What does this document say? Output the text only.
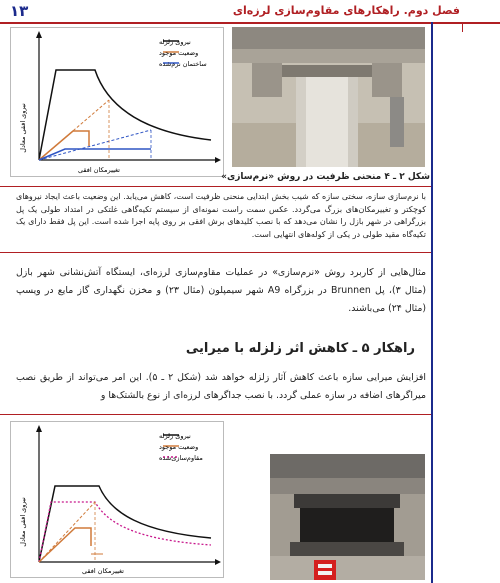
۱۳	فصل دوم. راهکارهای مقاوم‌سازی لرزه‌ای
نیروی زلزله
وضعیت موجود
ساختمان نرم‌شده
نیروی افقی معادل
تغییرمکان افقی
شکل ۲ ـ ۴ منحنی ظرفیت در روش «نرم‌سازی»
با نرم‌سازی سازه، سختی سازه که شیب بخش ابتدایی منحنی ظرفیت است، کاهش می‌یابد. این وضعیت باعث ایجاد نیروهای کوچکتر و تغییرمکان‌های بزرگ می‌گردد. عکس سمت راست نمونه‌ای از سیستم تکیه‌گاهی غلتکی در امتداد طولی یک پل بزرگراهی در شهر بازل را نشان می‌دهد که با نصب کلیدهای برش افقی بر روی پایه اجرا شده است. این پل فقط دارای یک تکیه‌گاه مقید طولی در یکی از کوله‌های انتهایی است.
مثال‌هایی از کاربرد روش «نرم‌سازی» در عملیات مقاوم‌سازی لرزه‌ای، ایستگاه آتش‌نشانی شهر بازل (مثال ۳)، پل Brunnen در بزرگراه A9 شهر سیمپلون (مثال ۲۳) و مخزن نگهداری گاز مایع در ویسپ (مثال ۲۴) می‌باشند.
راهکار ۵ ـ کاهش اثر زلزله با میرایی
افزایش میرایی سازه باعث کاهش آثار زلزله خواهد شد (شکل ۲ ـ ۵). این امر می‌تواند از طریق نصب میراگرهای اضافه در سازه عملی گردد. با نصب جداگرهای لرزه‌ای از نوع بالشتک‌ها و
نیروی زلزله
وضعیت موجود
مقاوم‌سازی‌شده
نیروی افقی معادل
تغییرمکان افقی
